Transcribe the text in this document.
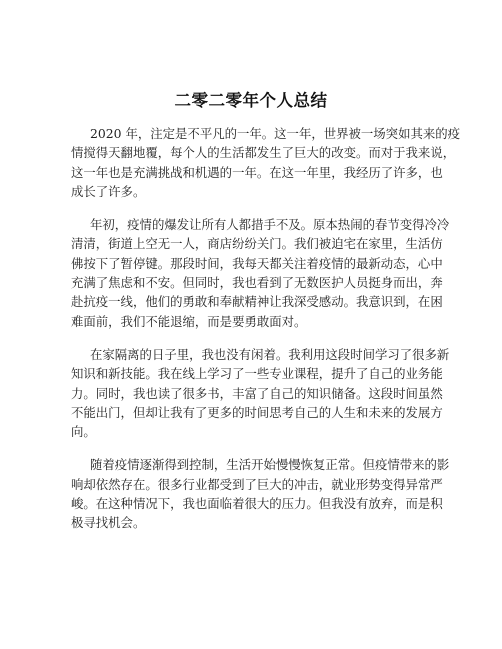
二零二零年个人总结

2020 年，注定是不平凡的一年。这一年，世界被一场突如其来的疫
情搅得天翻地覆，每个人的生活都发生了巨大的改变。而对于我来说，
这一年也是充满挑战和机遇的一年。在这一年里，我经历了许多，也
成长了许多。

年初，疫情的爆发让所有人都措手不及。原本热闹的春节变得冷冷
清清，街道上空无一人，商店纷纷关门。我们被迫宅在家里，生活仿
佛按下了暂停键。那段时间，我每天都关注着疫情的最新动态，心中
充满了焦虑和不安。但同时，我也看到了无数医护人员挺身而出，奔
赴抗疫一线，他们的勇敢和奉献精神让我深受感动。我意识到，在困
难面前，我们不能退缩，而是要勇敢面对。

在家隔离的日子里，我也没有闲着。我利用这段时间学习了很多新
知识和新技能。我在线上学习了一些专业课程，提升了自己的业务能
力。同时，我也读了很多书，丰富了自己的知识储备。这段时间虽然
不能出门，但却让我有了更多的时间思考自己的人生和未来的发展方
向。

随着疫情逐渐得到控制，生活开始慢慢恢复正常。但疫情带来的影
响却依然存在。很多行业都受到了巨大的冲击，就业形势变得异常严
峻。在这种情况下，我也面临着很大的压力。但我没有放弃，而是积
极寻找机会。
